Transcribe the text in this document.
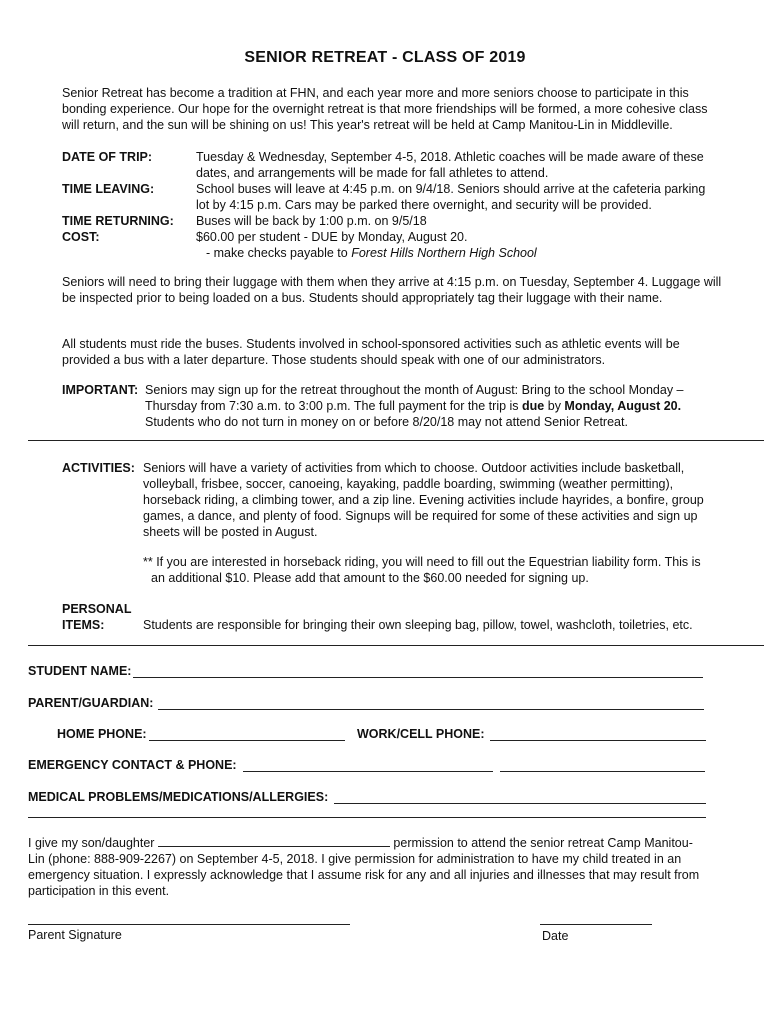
SENIOR RETREAT - CLASS OF 2019
Senior Retreat has become a tradition at FHN, and each year more and more seniors choose to participate in this bonding experience. Our hope for the overnight retreat is that more friendships will be formed, a more cohesive class will return, and the sun will be shining on us! This year's retreat will be held at Camp Manitou-Lin in Middleville.
DATE OF TRIP:	Tuesday & Wednesday, September 4-5, 2018. Athletic coaches will be made aware of these dates, and arrangements will be made for fall athletes to attend.
TIME LEAVING:	School buses will leave at 4:45 p.m. on 9/4/18. Seniors should arrive at the cafeteria parking lot by 4:15 p.m. Cars may be parked there overnight, and security will be provided.
TIME RETURNING:	Buses will be back by 1:00 p.m. on 9/5/18
COST:	$60.00 per student - DUE by Monday, August 20.
- make checks payable to Forest Hills Northern High School
Seniors will need to bring their luggage with them when they arrive at 4:15 p.m. on Tuesday, September 4. Luggage will be inspected prior to being loaded on a bus. Students should appropriately tag their luggage with their name.
All students must ride the buses. Students involved in school-sponsored activities such as athletic events will be provided a bus with a later departure. Those students should speak with one of our administrators.
IMPORTANT: Seniors may sign up for the retreat throughout the month of August: Bring to the school Monday – Thursday from 7:30 a.m. to 3:00 p.m. The full payment for the trip is due by Monday, August 20. Students who do not turn in money on or before 8/20/18 may not attend Senior Retreat.
ACTIVITIES: Seniors will have a variety of activities from which to choose. Outdoor activities include basketball, volleyball, frisbee, soccer, canoeing, kayaking, paddle boarding, swimming (weather permitting), horseback riding, a climbing tower, and a zip line. Evening activities include hayrides, a bonfire, group games, a dance, and plenty of food. Signups will be required for some of these activities and sign up sheets will be posted in August.
** If you are interested in horseback riding, you will need to fill out the Equestrian liability form. This is an additional $10. Please add that amount to the $60.00 needed for signing up.
PERSONAL
ITEMS:	Students are responsible for bringing their own sleeping bag, pillow, towel, washcloth, toiletries, etc.
STUDENT NAME:
PARENT/GUARDIAN:
HOME PHONE:	WORK/CELL PHONE:
EMERGENCY CONTACT & PHONE:
MEDICAL PROBLEMS/MEDICATIONS/ALLERGIES:
I give my son/daughter	permission to attend the senior retreat Camp Manitou-Lin (phone: 888-909-2267) on September 4-5, 2018. I give permission for administration to have my child treated in an emergency situation. I expressly acknowledge that I assume risk for any and all injuries and illnesses that may result from participation in this event.
Parent Signature	Date
